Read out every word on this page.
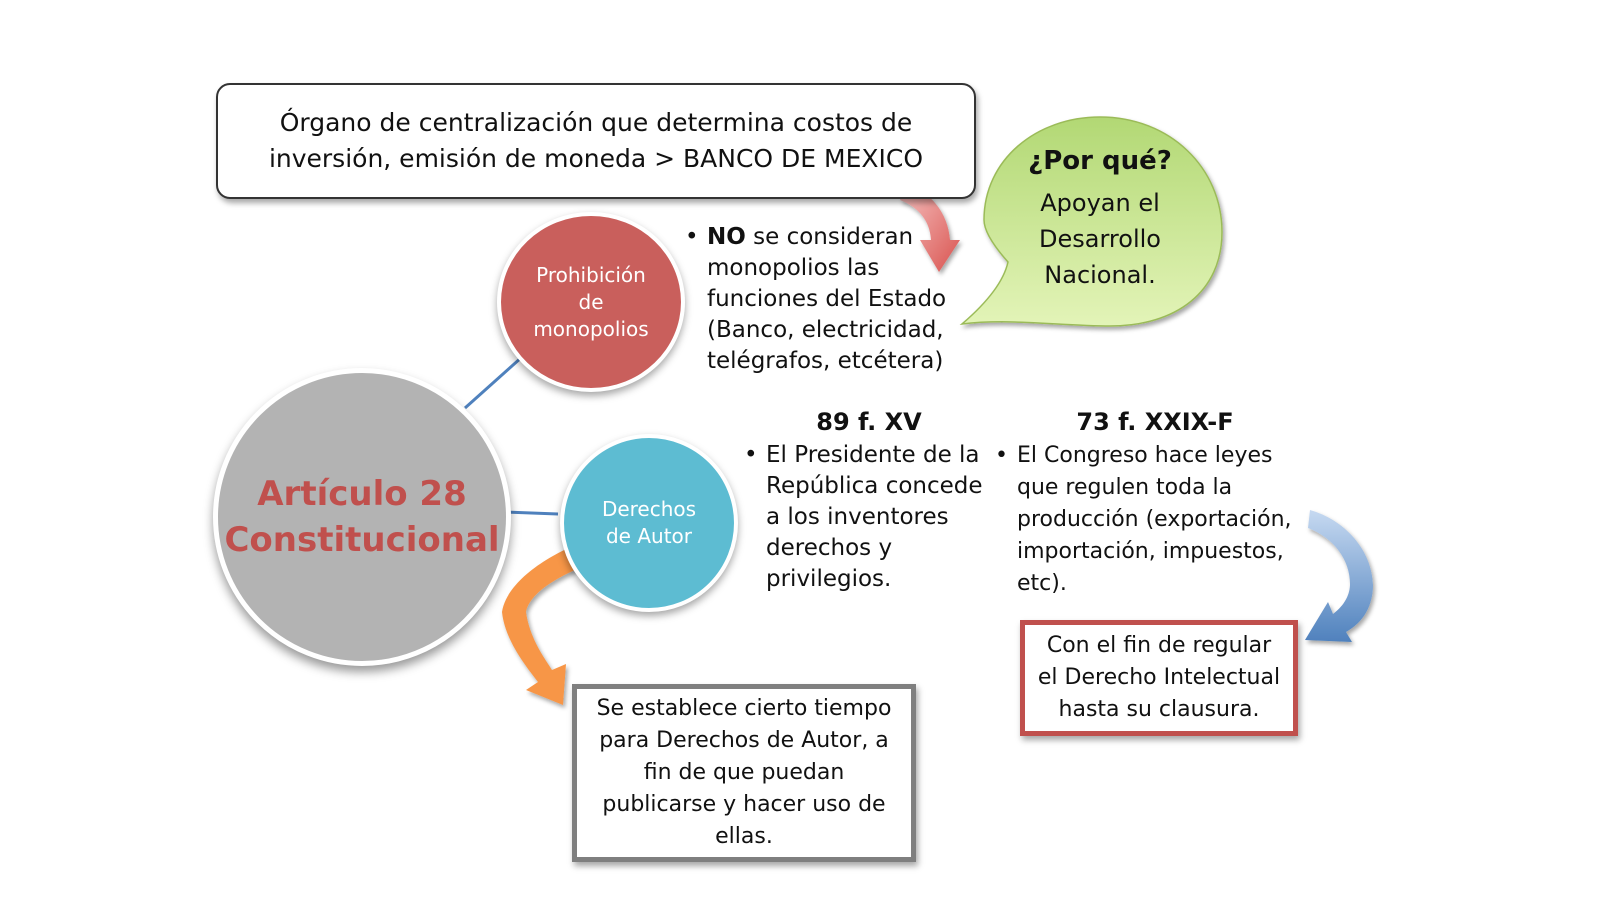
Órgano de centralización que determina costos de inversión, emisión de moneda > BANCO DE MEXICO
Artículo 28 Constitucional
Prohibición de monopolios
• NO se consideran monopolios las funciones del Estado (Banco, electricidad, telégrafos, etcétera)
¿Por qué?
Apoyan el Desarrollo Nacional.
Derechos de Autor
89 f. XV
• El Presidente de la República concede a los inventores derechos y privilegios.
73 f. XXIX-F
• El Congreso hace leyes que regulen toda la producción (exportación, importación, impuestos, etc).
Se establece cierto tiempo para Derechos de Autor, a fin de que puedan publicarse y hacer uso de ellas.
Con el fin de regular el Derecho Intelectual hasta su clausura.
